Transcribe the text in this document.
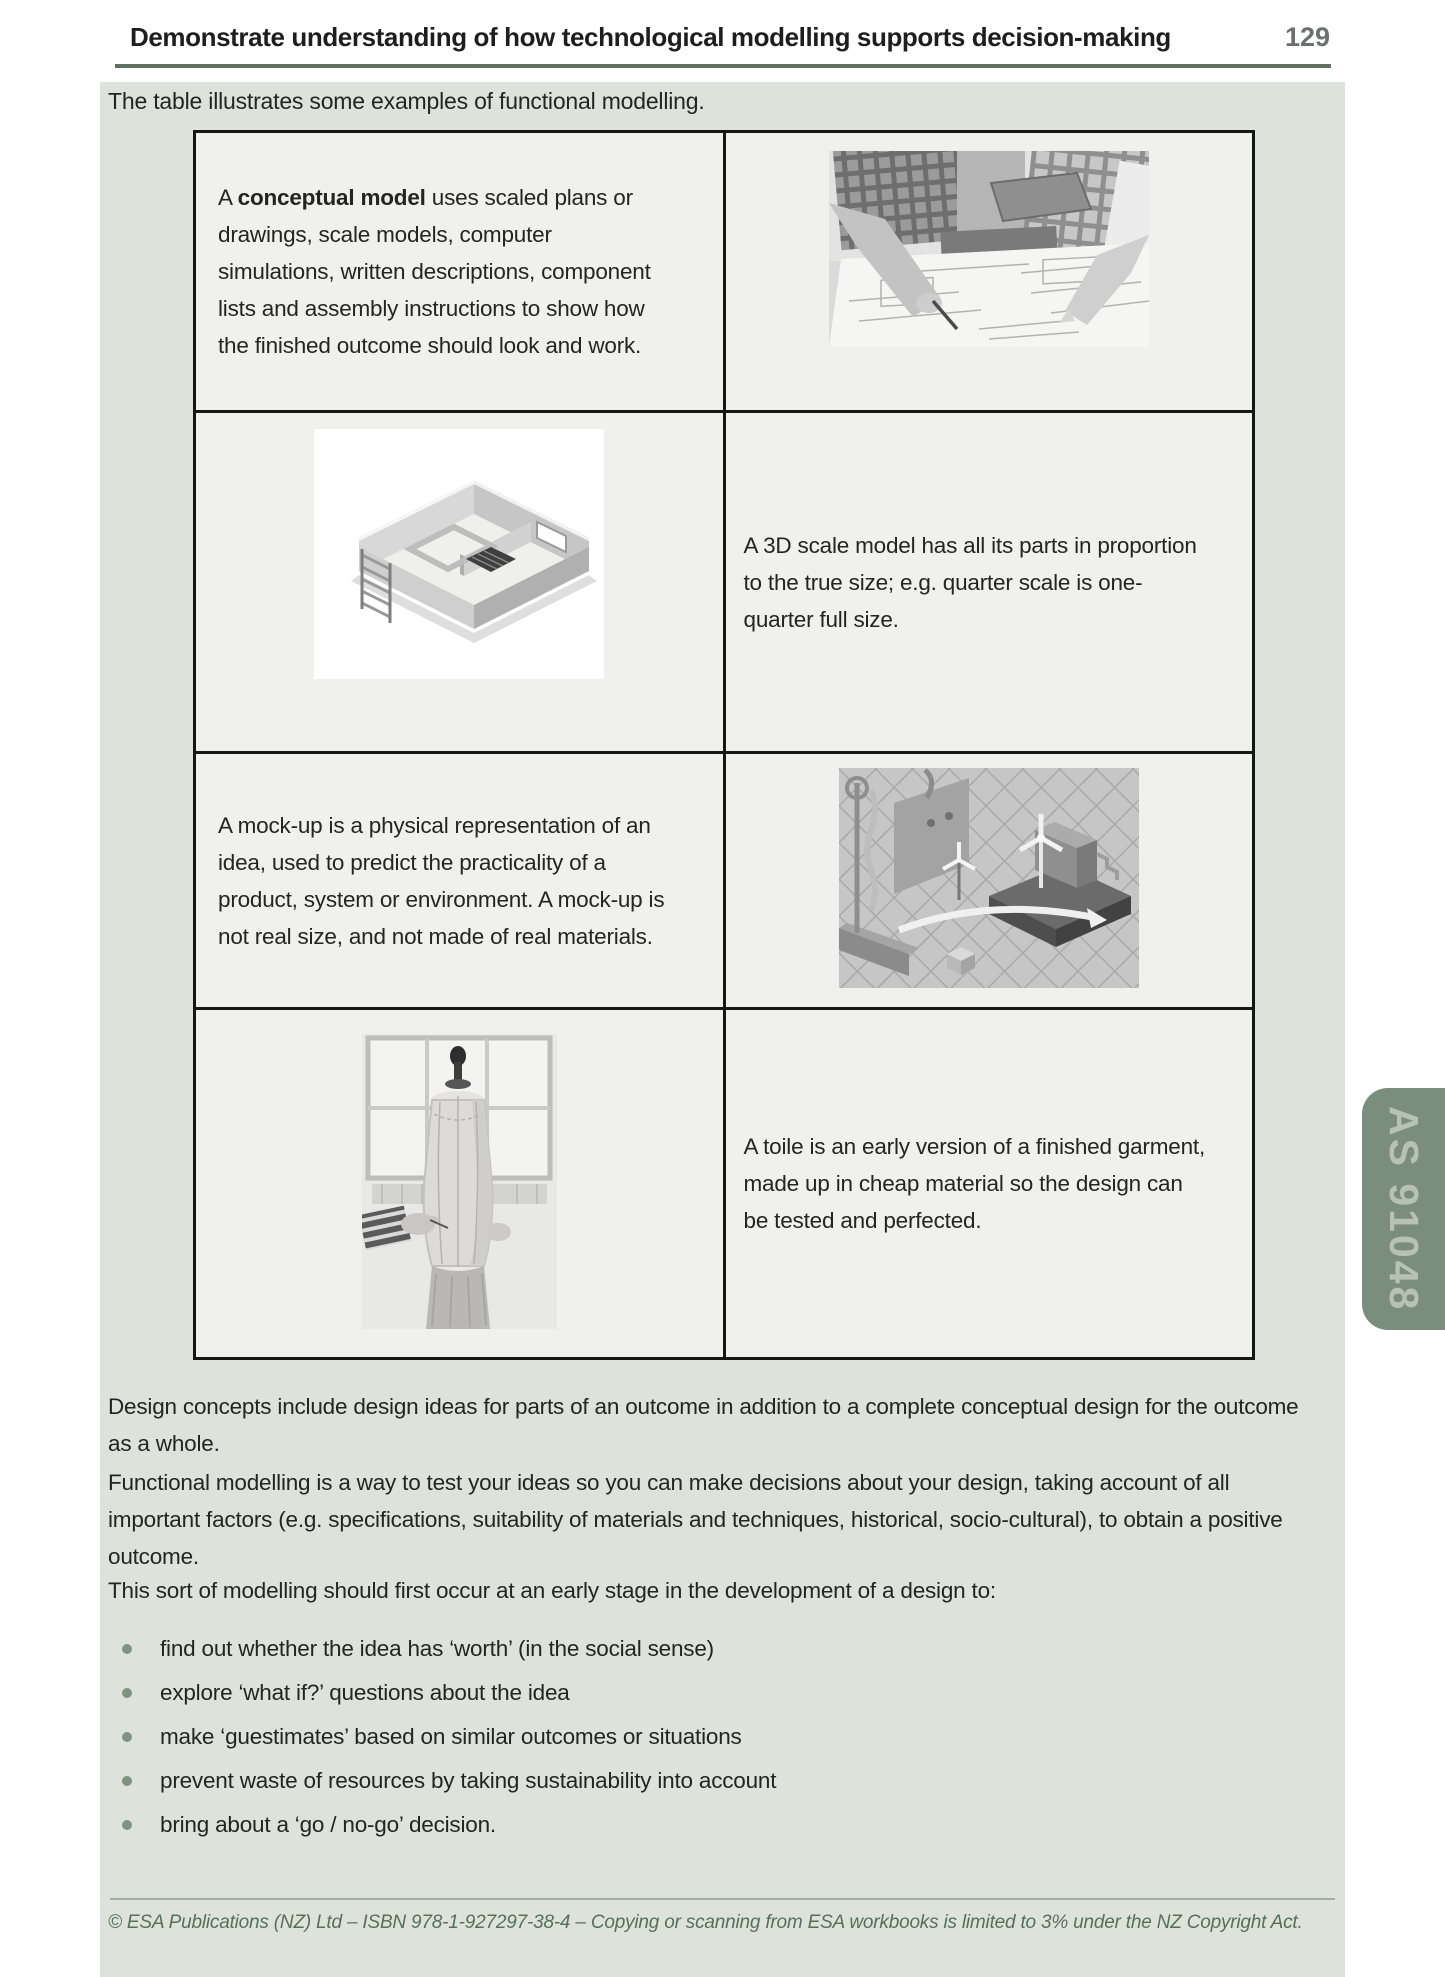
Demonstrate understanding of how technological modelling supports decision-making	129

The table illustrates some examples of functional modelling.

A conceptual model uses scaled plans or drawings, scale models, computer simulations, written descriptions, component lists and assembly instructions to show how the finished outcome should look and work.

A 3D scale model has all its parts in proportion to the true size; e.g. quarter scale is one-quarter full size.

A mock-up is a physical representation of an idea, used to predict the practicality of a product, system or environment. A mock-up is not real size, and not made of real materials.

A toile is an early version of a finished garment, made up in cheap material so the design can be tested and perfected.

Design concepts include design ideas for parts of an outcome in addition to a complete conceptual design for the outcome as a whole.

Functional modelling is a way to test your ideas so you can make decisions about your design, taking account of all important factors (e.g. specifications, suitability of materials and techniques, historical, socio-cultural), to obtain a positive outcome.

This sort of modelling should first occur at an early stage in the development of a design to:

find out whether the idea has ‘worth’ (in the social sense)
explore ‘what if?’ questions about the idea
make ‘guestimates’ based on similar outcomes or situations
prevent waste of resources by taking sustainability into account
bring about a ‘go / no-go’ decision.

© ESA Publications (NZ) Ltd – ISBN 978-1-927297-38-4 – Copying or scanning from ESA workbooks is limited to 3% under the NZ Copyright Act.

AS 91048
